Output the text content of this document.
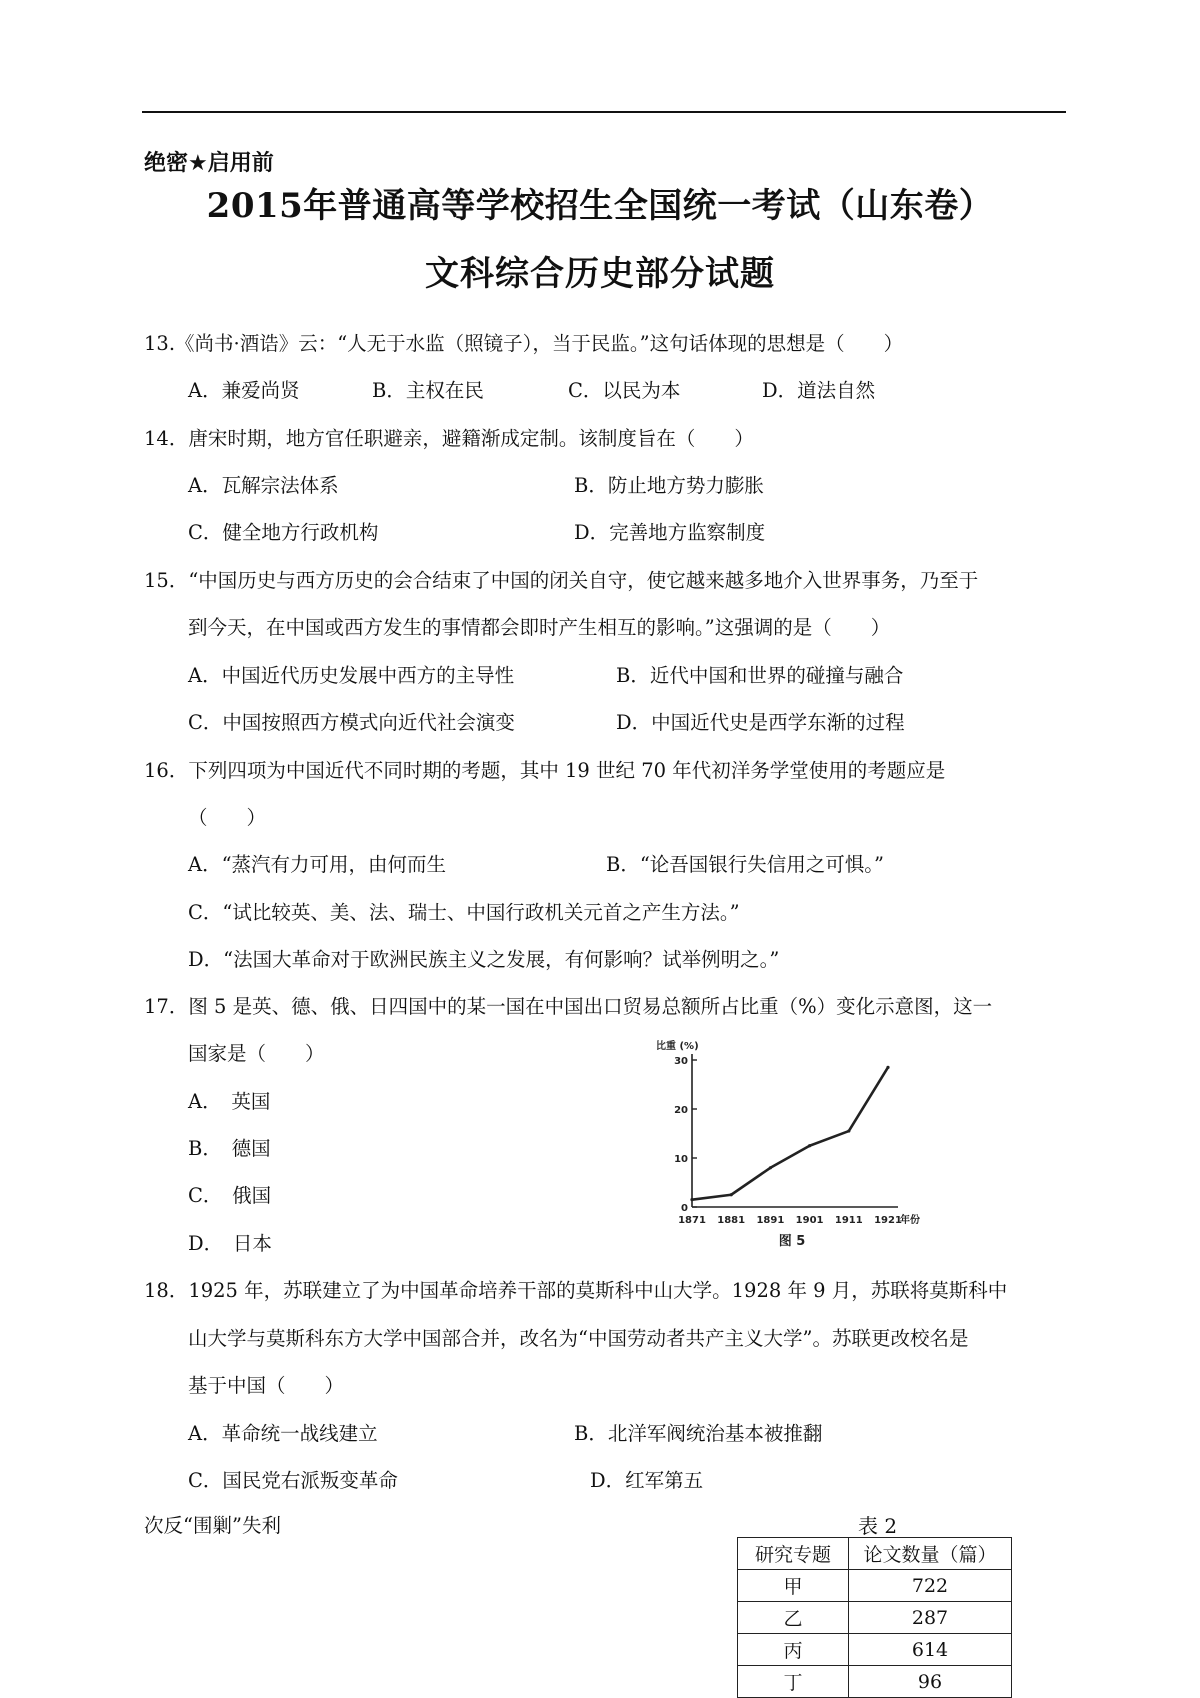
绝密★启用前
2015年普通高等学校招生全国统一考试（山东卷）
文科综合历史部分试题
13.《尚书·酒诰》云：“人无于水监（照镜子），当于民监。”这句话体现的思想是（　　）
A．兼爱尚贤	B．主权在民	C．以民为本	D．道法自然
14．唐宋时期，地方官任职避亲，避籍渐成定制。该制度旨在（　　）
A．瓦解宗法体系	B．防止地方势力膨胀
C．健全地方行政机构	D．完善地方监察制度
15．“中国历史与西方历史的会合结束了中国的闭关自守，使它越来越多地介入世界事务，乃至于
到今天，在中国或西方发生的事情都会即时产生相互的影响。”这强调的是（　　）
A．中国近代历史发展中西方的主导性	B．近代中国和世界的碰撞与融合
C．中国按照西方模式向近代社会演变	D．中国近代史是西学东渐的过程
16．下列四项为中国近代不同时期的考题，其中 19 世纪 70 年代初洋务学堂使用的考题应是
（　　）
A．“蒸汽有力可用，由何而生	B．“论吾国银行失信用之可惧。”
C．“试比较英、美、法、瑞士、中国行政机关元首之产生方法。”
D．“法国大革命对于欧洲民族主义之发展，有何影响？试举例明之。”
17．图 5 是英、德、俄、日四国中的某一国在中国出口贸易总额所占比重（%）变化示意图，这一
国家是（　　）
A．　英国
B．　德国
C．　俄国
D．　日本
比重 (%)
年份
图 5
0
10
20
30
1871 1881 1891 1901 1911 1921
18．1925 年，苏联建立了为中国革命培养干部的莫斯科中山大学。1928 年 9 月，苏联将莫斯科中
山大学与莫斯科东方大学中国部合并，改名为“中国劳动者共产主义大学”。苏联更改校名是
基于中国（　　）
A．革命统一战线建立	B．北洋军阀统治基本被推翻
C．国民党右派叛变革命	D．红军第五
次反“围剿”失利	表 2
研究专题	论文数量（篇）
甲	722
乙	287
丙	614
丁	96
